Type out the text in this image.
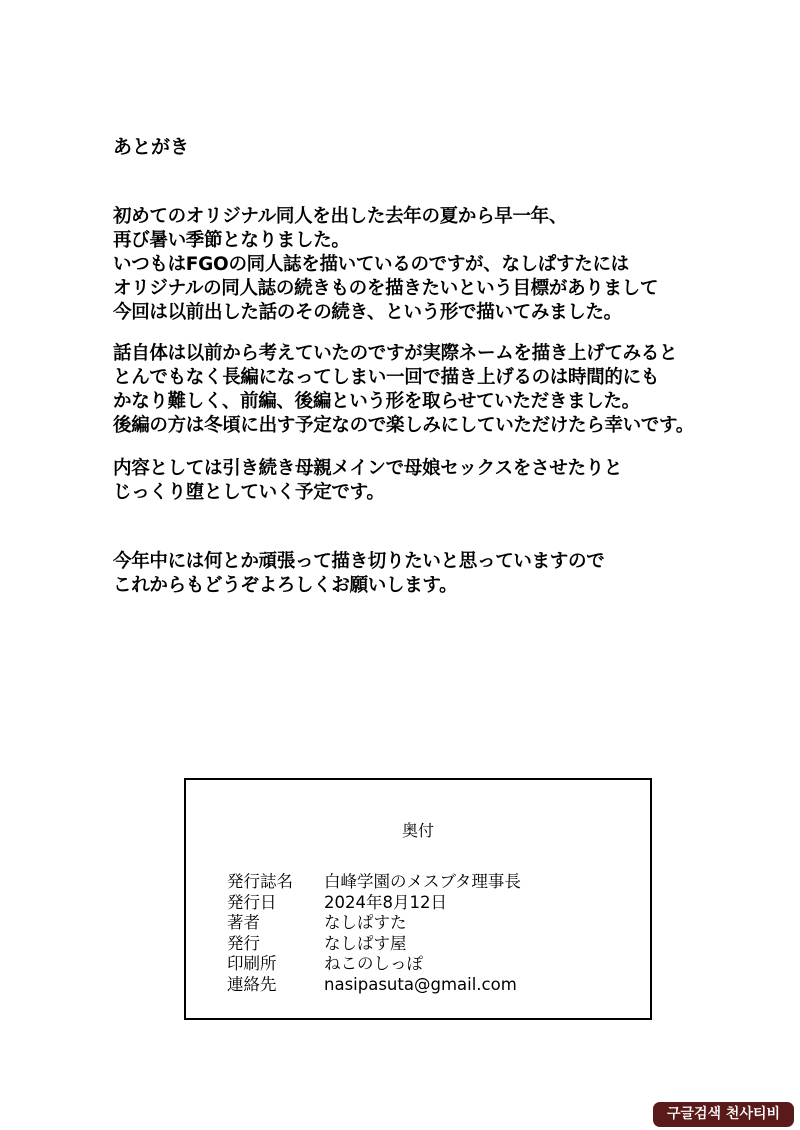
あとがき

初めてのオリジナル同人を出した去年の夏から早一年、
再び暑い季節となりました。
いつもはFGOの同人誌を描いているのですが、なしぱすたには
オリジナルの同人誌の続きものを描きたいという目標がありまして
今回は以前出した話のその続き、という形で描いてみました。

話自体は以前から考えていたのですが実際ネームを描き上げてみると
とんでもなく長編になってしまい一回で描き上げるのは時間的にも
かなり難しく、前編、後編という形を取らせていただきました。
後編の方は冬頃に出す予定なので楽しみにしていただけたら幸いです。

内容としては引き続き母親メインで母娘セックスをさせたりと
じっくり堕としていく予定です。

今年中には何とか頑張って描き切りたいと思っていますので
これからもどうぞよろしくお願いします。

奥付

発行誌名	白峰学園のメスブタ理事長
発行日	2024年8月12日
著者	なしぱすた
発行	なしぱす屋
印刷所	ねこのしっぽ
連絡先	nasipasuta@gmail.com
구글검색 천사티비
